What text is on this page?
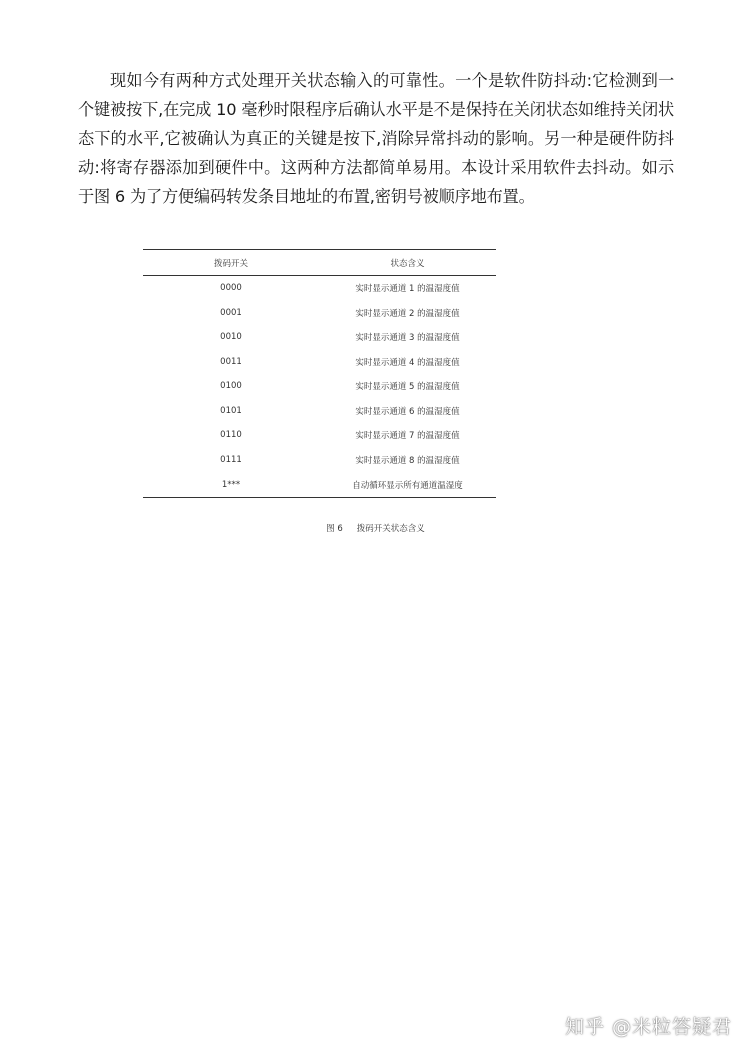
现如今有两种方式处理开关状态输入的可靠性。一个是软件防抖动:它检测到一个键被按下,在完成 10 毫秒时限程序后确认水平是不是保持在关闭状态如维持关闭状态下的水平,它被确认为真正的关键是按下,消除异常抖动的影响。另一种是硬件防抖动:将寄存器添加到硬件中。这两种方法都简单易用。本设计采用软件去抖动。如示于图 6 为了方便编码转发条目地址的布置,密钥号被顺序地布置。

拨码开关	状态含义
0000	实时显示通道 1 的温湿度值
0001	实时显示通道 2 的温湿度值
0010	实时显示通道 3 的温湿度值
0011	实时显示通道 4 的温湿度值
0100	实时显示通道 5 的温湿度值
0101	实时显示通道 6 的温湿度值
0110	实时显示通道 7 的温湿度值
0111	实时显示通道 8 的温湿度值
1***	自动循环显示所有通道温湿度
图 6 拨码开关状态含义
知乎 @米粒答疑君
